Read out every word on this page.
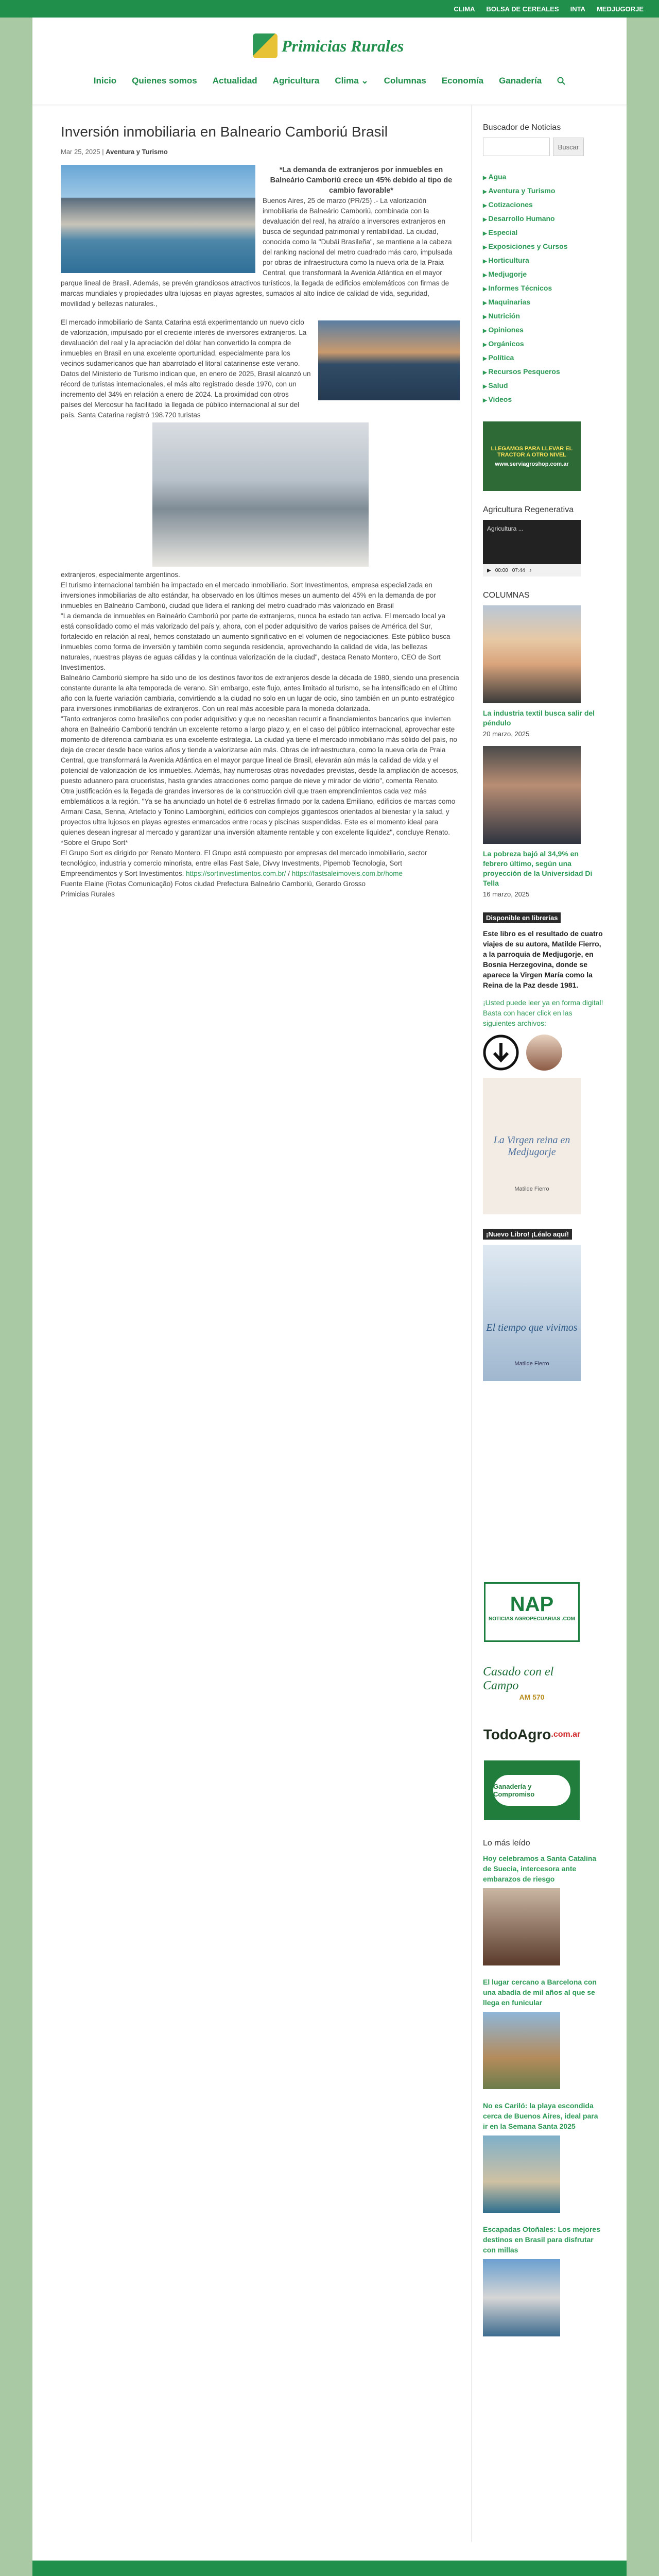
CLIMA BOLSA DE CEREALES INTA MEDJUGORJE
Primicias Rurales
Inicio Quienes somos Actualidad Agricultura Clima ⌄ Columnas Economía Ganadería
Inversión inmobiliaria en Balneario Camboriú Brasil
Mar 25, 2025 | Aventura y Turismo

*La demanda de extranjeros por inmuebles en Balneário Camboriú crece un 45% debido al tipo de cambio favorable*

Buenos Aires, 25 de marzo (PR/25) .- La valorización inmobiliaria de Balneário Camboriú, combinada con la devaluación del real, ha atraído a inversores extranjeros en busca de seguridad patrimonial y rentabilidad. La ciudad, conocida como la "Dubái Brasileña", se mantiene a la cabeza del ranking nacional del metro cuadrado más caro, impulsada por obras de infraestructura como la nueva orla de la Praia Central, que transformará la Avenida Atlántica en el mayor parque lineal de Brasil. Además, se prevén grandiosos atractivos turísticos, la llegada de edificios emblemáticos con firmas de marcas mundiales y propiedades ultra lujosas en playas agrestes, sumados al alto índice de calidad de vida, seguridad, movilidad y bellezas naturales.,

El mercado inmobiliario de Santa Catarina está experimentando un nuevo ciclo de valorización, impulsado por el creciente interés de inversores extranjeros. La devaluación del real y la apreciación del dólar han convertido la compra de inmuebles en Brasil en una excelente oportunidad, especialmente para los vecinos sudamericanos que han abarrotado el litoral catarinense este verano. Datos del Ministerio de Turismo indican que, en enero de 2025, Brasil alcanzó un récord de turistas internacionales, el más alto registrado desde 1970, con un incremento del 34% en relación a enero de 2024. La proximidad con otros países del Mercosur ha facilitado la llegada de público internacional al sur del país. Santa Catarina registró 198.720 turistas

extranjeros, especialmente argentinos.

El turismo internacional también ha impactado en el mercado inmobiliario. Sort Investimentos, empresa especializada en inversiones inmobiliarias de alto estándar, ha observado en los últimos meses un aumento del 45% en la demanda de por inmuebles en Balneário Camboriú, ciudad que lidera el ranking del metro cuadrado más valorizado en Brasil

"La demanda de inmuebles en Balneário Camboriú por parte de extranjeros, nunca ha estado tan activa. El mercado local ya está consolidado como el más valorizado del país y, ahora, con el poder adquisitivo de varios países de América del Sur, fortalecido en relación al real, hemos constatado un aumento significativo en el volumen de negociaciones. Este público busca inmuebles como forma de inversión y también como segunda residencia, aprovechando la calidad de vida, las bellezas naturales, nuestras playas de aguas cálidas y la continua valorización de la ciudad", destaca Renato Montero, CEO de Sort Investimentos.

Balneário Camboriú siempre ha sido uno de los destinos favoritos de extranjeros desde la década de 1980, siendo una presencia constante durante la alta temporada de verano. Sin embargo, este flujo, antes limitado al turismo, se ha intensificado en el último año con la fuerte variación cambiaria, convirtiendo a la ciudad no solo en un lugar de ocio, sino también en un punto estratégico para inversiones inmobiliarias de extranjeros. Con un real más accesible para la moneda dolarizada.

"Tanto extranjeros como brasileños con poder adquisitivo y que no necesitan recurrir a financiamientos bancarios que invierten ahora en Balneário Camboriú tendrán un excelente retorno a largo plazo y, en el caso del público internacional, aprovechar este momento de diferencia cambiaria es una excelente estrategia. La ciudad ya tiene el mercado inmobiliario más sólido del país, no deja de crecer desde hace varios años y tiende a valorizarse aún más. Obras de infraestructura, como la nueva orla de Praia Central, que transformará la Avenida Atlántica en el mayor parque lineal de Brasil, elevarán aún más la calidad de vida y el potencial de valorización de los inmuebles. Además, hay numerosas otras novedades previstas, desde la ampliación de accesos, puesto aduanero para cruceristas, hasta grandes atracciones como parque de nieve y mirador de vidrio", comenta Renato.

Otra justificación es la llegada de grandes inversores de la construcción civil que traen emprendimientos cada vez más emblemáticos a la región. "Ya se ha anunciado un hotel de 6 estrellas firmado por la cadena Emiliano, edificios de marcas como Armani Casa, Senna, Artefacto y Tonino Lamborghini, edificios con complejos gigantescos orientados al bienestar y la salud, y proyectos ultra lujosos en playas agrestes enmarcados entre rocas y piscinas suspendidas. Este es el momento ideal para quienes desean ingresar al mercado y garantizar una inversión altamente rentable y con excelente liquidez", concluye Renato.

*Sobre el Grupo Sort*

El Grupo Sort es dirigido por Renato Montero. El Grupo está compuesto por empresas del mercado inmobiliario, sector tecnológico, industria y comercio minorista, entre ellas Fast Sale, Divvy Investments, Pipemob Tecnologia, Sort Empreendimentos y Sort Investimentos. https://sortinvestimentos.com.br/ / https://fastsaleimoveis.com.br/home

Fuente Elaine (Rotas Comunicação) Fotos ciudad Prefectura Balneário Camboriú, Gerardo Grosso

Primicias Rurales

Buscador de Noticias
Buscar
▶ Agua
▶ Aventura y Turismo
▶ Cotizaciones
▶ Desarrollo Humano
▶ Especial
▶ Exposiciones y Cursos
▶ Horticultura
▶ Medjugorje
▶ Informes Técnicos
▶ Maquinarias
▶ Nutrición
▶ Opiniones
▶ Orgánicos
▶ Política
▶ Recursos Pesqueros
▶ Salud
▶ Videos
LLEGAMOS PARA LLEVAR EL TRACTOR A OTRO NIVEL
www.serviagroshop.com.ar
Agricultura Regenerativa
Agricultura ...
▶ 00:00 07:44 ♪
COLUMNAS
La industria textil busca salir del péndulo
20 marzo, 2025
La pobreza bajó al 34,9% en febrero último, según una proyección de la Universidad Di Tella
16 marzo, 2025
Disponible en librerías
Este libro es el resultado de cuatro viajes de su autora, Matilde Fierro, a la parroquia de Medjugorje, en Bosnia Herzegovina, donde se aparece la Virgen María como la Reina de la Paz desde 1981.
¡Usted puede leer ya en forma digital! Basta con hacer click en las siguientes archivos:
La Virgen reina en Medjugorje
Matilde Fierro
¡Nuevo Libro! ¡Léalo aquí!
El tiempo que vivimos
Matilde Fierro
NAP
NOTICIAS AGROPECUARIAS .COM
Casado con el Campo
AM 570
TodoAgro .com.ar
Ganadería y Compromiso
Lo más leído
Hoy celebramos a Santa Catalina de Suecia, intercesora ante embarazos de riesgo
El lugar cercano a Barcelona con una abadía de mil años al que se llega en funicular
No es Cariló: la playa escondida cerca de Buenos Aires, ideal para ir en la Semana Santa 2025
Escapadas Otoñales: Los mejores destinos en Brasil para disfrutar con millas
